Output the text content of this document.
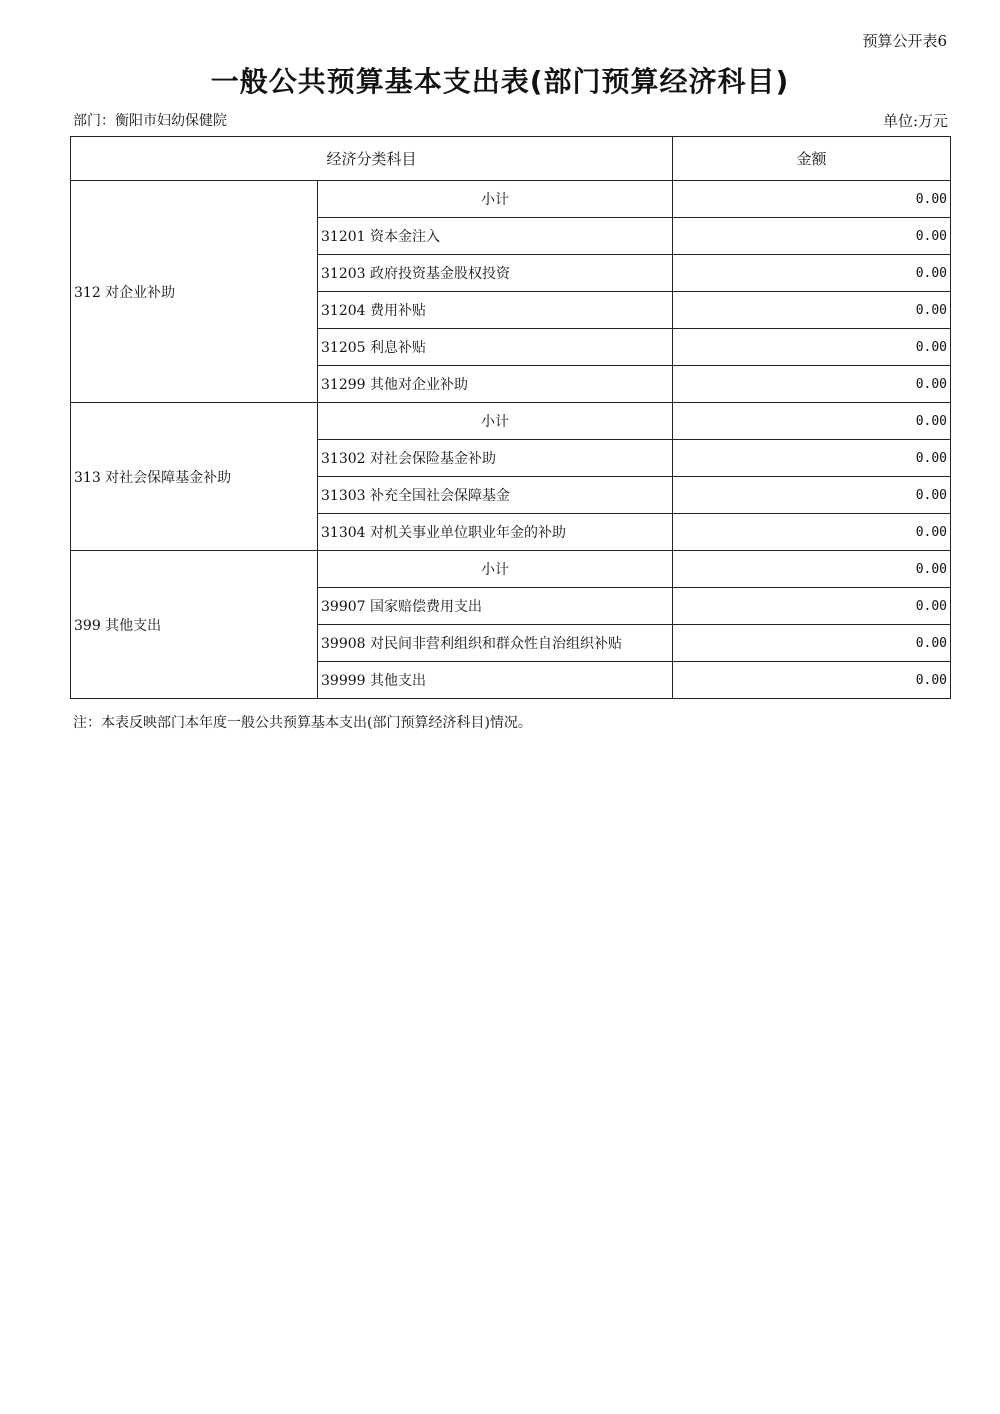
预算公开表6
一般公共预算基本支出表(部门预算经济科目)
部门：衡阳市妇幼保健院	单位:万元
经济分类科目		金额
312 对企业补助	小计	0.00
	31201 资本金注入	0.00
	31203 政府投资基金股权投资	0.00
	31204 费用补贴	0.00
	31205 利息补贴	0.00
	31299 其他对企业补助	0.00
313 对社会保障基金补助	小计	0.00
	31302 对社会保险基金补助	0.00
	31303 补充全国社会保障基金	0.00
	31304 对机关事业单位职业年金的补助	0.00
399 其他支出	小计	0.00
	39907 国家赔偿费用支出	0.00
	39908 对民间非营利组织和群众性自治组织补贴	0.00
	39999 其他支出	0.00
注：本表反映部门本年度一般公共预算基本支出(部门预算经济科目)情况。
